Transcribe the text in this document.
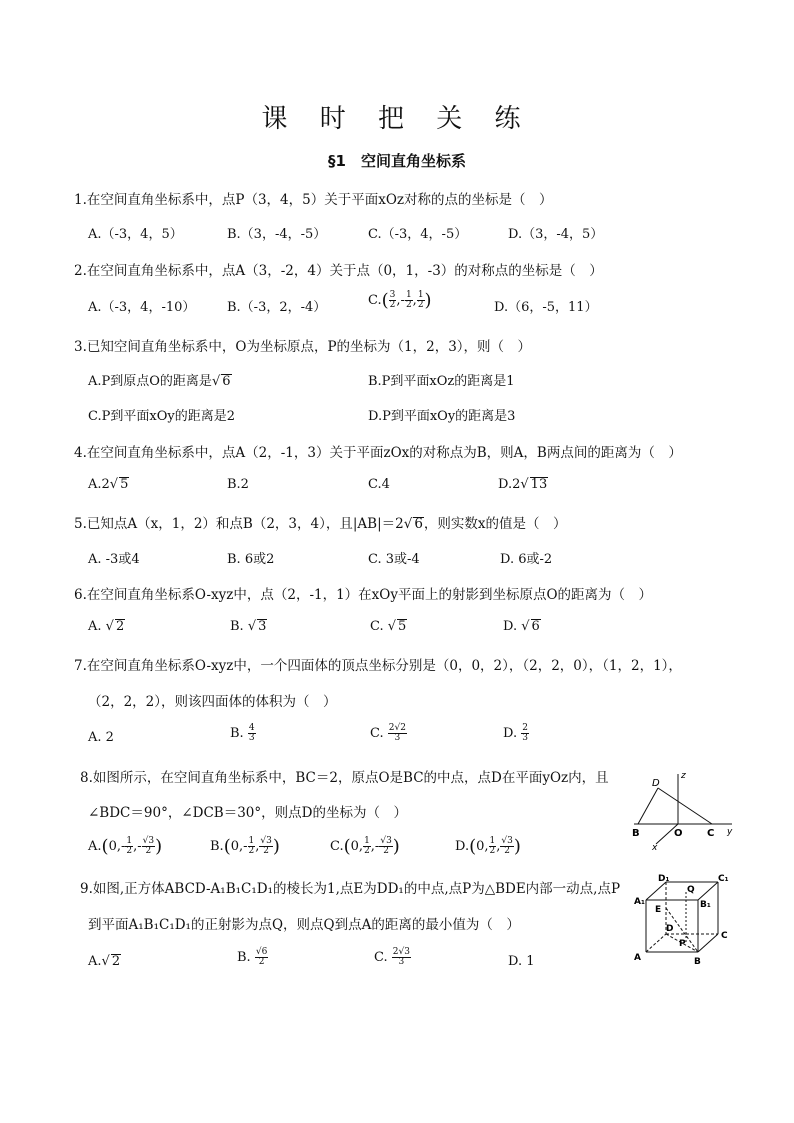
课 时 把 关 练
§1　空间直角坐标系
1.在空间直角坐标系中，点P（3，4，5）关于平面xOz对称的点的坐标是（　）
A.（-3，4，5）	B.（3，-4，-5）	C.（-3，4，-5）	D.（3，-4，5）
2.在空间直角坐标系中，点A（3，-2，4）关于点（0，1，-3）的对称点的坐标是（　）
A.（-3，4，-10） B.（-3，2，-4）	$C.( \frac{3}{2}$ ,- $\frac{1}{2}$ , $\frac{1}{2}$ )	D.（6，-5，11）
3.已知空间直角坐标系中，O为坐标原点，P的坐标为（1，2，3），则（　）
A.P到原点O的距离是√ 6	B.P到平面xOz的距离是1
C.P到平面xOy的距离是2	D.P到平面xOy的距离是3
4.在空间直角坐标系中，点A（2，-1，3）关于平面zOx的对称点为B，则A，B两点间的距离为（　）
A.2√ 5	B.2	C.4	D.2√ 13
5.已知点A（x，1，2）和点B（2，3，4），且|AB|＝2√ 6，则实数x的值是（　）
A. -3或4	B. 6或2	C. 3或-4	D. 6或-2
6.在空间直角坐标系O-xyz中，点（2，-1，1）在xOy平面上的射影到坐标原点O的距离为（　）
A. √ 2	B. √ 3	C. √ 5	D. √ 6
7.在空间直角坐标系O-xyz中，一个四面体的顶点坐标分别是（0，0，2），（2，2，0），（1，2，1），
（2，2，2），则该四面体的体积为（　）
A. 2	B. $\frac{4}{3}$	C. $\frac{2√2}{3}$	D. $\frac{2}{3}$
8.如图所示，在空间直角坐标系中，BC＝2，原点O是BC的中点，点D在平面yOz内，且
∠BDC＝90°，∠DCB＝30°，则点D的坐标为（　）
$A.(0,- \frac{1}{2}$ ,- $\frac{√3}{2}$ )	$B.(0,- \frac{1}{2}$ , $\frac{√3}{2}$ )	C.(0, $\frac{1}{2}$ ,- $\frac{√3}{2}$ )	D.(0, $\frac{1}{2}$ , $\frac{√3}{2}$ )
D
z
B	O C y
x
9.如图,正方体ABCD-A₁B₁C₁D₁的棱长为1,点E为DD₁的中点,点P为△BDE内部一动点,点P
到平面A₁B₁C₁D₁的正射影为点Q，则点Q到点A的距离的最小值为（　）
A.√ 2	B. $\frac{√6}{2}$	C. $\frac{2√3}{3}$	D. 1
D₁	C₁
Q
A₁	B₁
E
D
C
P
A	B
